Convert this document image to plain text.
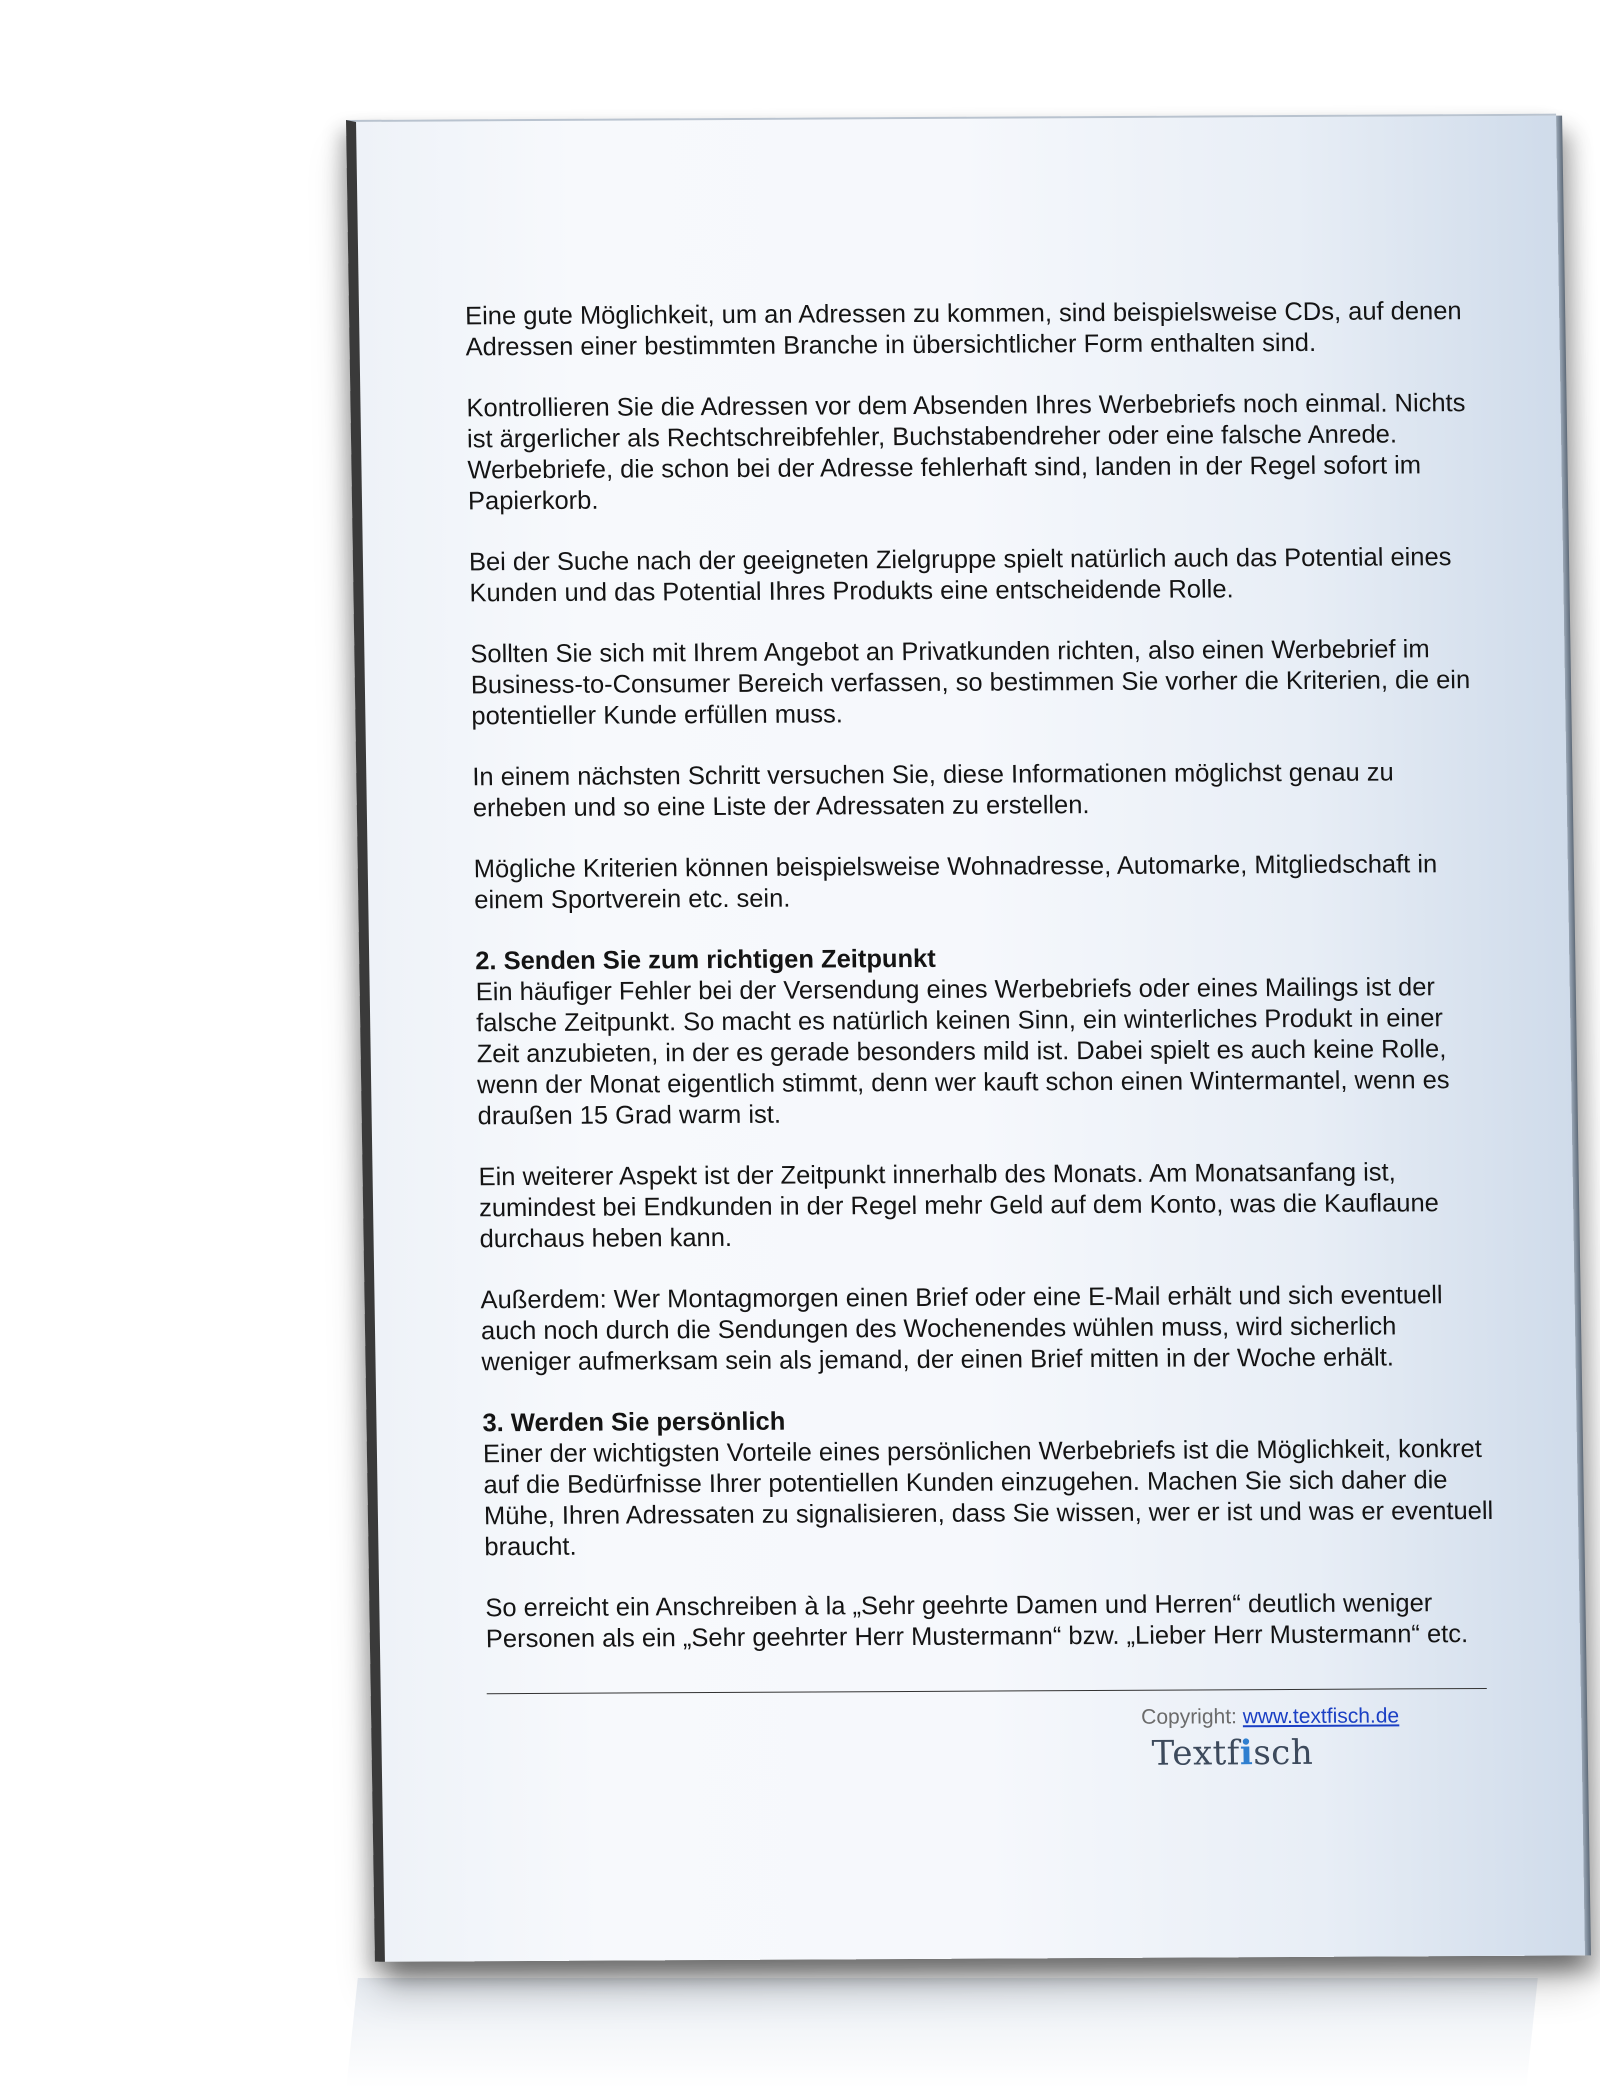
Eine gute Möglichkeit, um an Adressen zu kommen, sind beispielsweise CDs, auf denen Adressen einer bestimmten Branche in übersichtlicher Form enthalten sind.

Kontrollieren Sie die Adressen vor dem Absenden Ihres Werbebriefs noch einmal. Nichts ist ärgerlicher als Rechtschreibfehler, Buchstabendreher oder eine falsche Anrede. Werbebriefe, die schon bei der Adresse fehlerhaft sind, landen in der Regel sofort im Papierkorb.

Bei der Suche nach der geeigneten Zielgruppe spielt natürlich auch das Potential eines Kunden und das Potential Ihres Produkts eine entscheidende Rolle.

Sollten Sie sich mit Ihrem Angebot an Privatkunden richten, also einen Werbebrief im Business-to-Consumer Bereich verfassen, so bestimmen Sie vorher die Kriterien, die ein potentieller Kunde erfüllen muss.

In einem nächsten Schritt versuchen Sie, diese Informationen möglichst genau zu erheben und so eine Liste der Adressaten zu erstellen.

Mögliche Kriterien können beispielsweise Wohnadresse, Automarke, Mitgliedschaft in einem Sportverein etc. sein.

2. Senden Sie zum richtigen Zeitpunkt
Ein häufiger Fehler bei der Versendung eines Werbebriefs oder eines Mailings ist der falsche Zeitpunkt. So macht es natürlich keinen Sinn, ein winterliches Produkt in einer Zeit anzubieten, in der es gerade besonders mild ist. Dabei spielt es auch keine Rolle, wenn der Monat eigentlich stimmt, denn wer kauft schon einen Wintermantel, wenn es draußen 15 Grad warm ist.

Ein weiterer Aspekt ist der Zeitpunkt innerhalb des Monats. Am Monatsanfang ist, zumindest bei Endkunden in der Regel mehr Geld auf dem Konto, was die Kauflaune durchaus heben kann.

Außerdem: Wer Montagmorgen einen Brief oder eine E-Mail erhält und sich eventuell auch noch durch die Sendungen des Wochenendes wühlen muss, wird sicherlich weniger aufmerksam sein als jemand, der einen Brief mitten in der Woche erhält.

3. Werden Sie persönlich
Einer der wichtigsten Vorteile eines persönlichen Werbebriefs ist die Möglichkeit, konkret auf die Bedürfnisse Ihrer potentiellen Kunden einzugehen. Machen Sie sich daher die Mühe, Ihren Adressaten zu signalisieren, dass Sie wissen, wer er ist und was er eventuell braucht.

So erreicht ein Anschreiben à la „Sehr geehrte Damen und Herren“ deutlich weniger Personen als ein „Sehr geehrter Herr Mustermann“ bzw. „Lieber Herr Mustermann“ etc.

Copyright: www.textfisch.de
Textfisch
